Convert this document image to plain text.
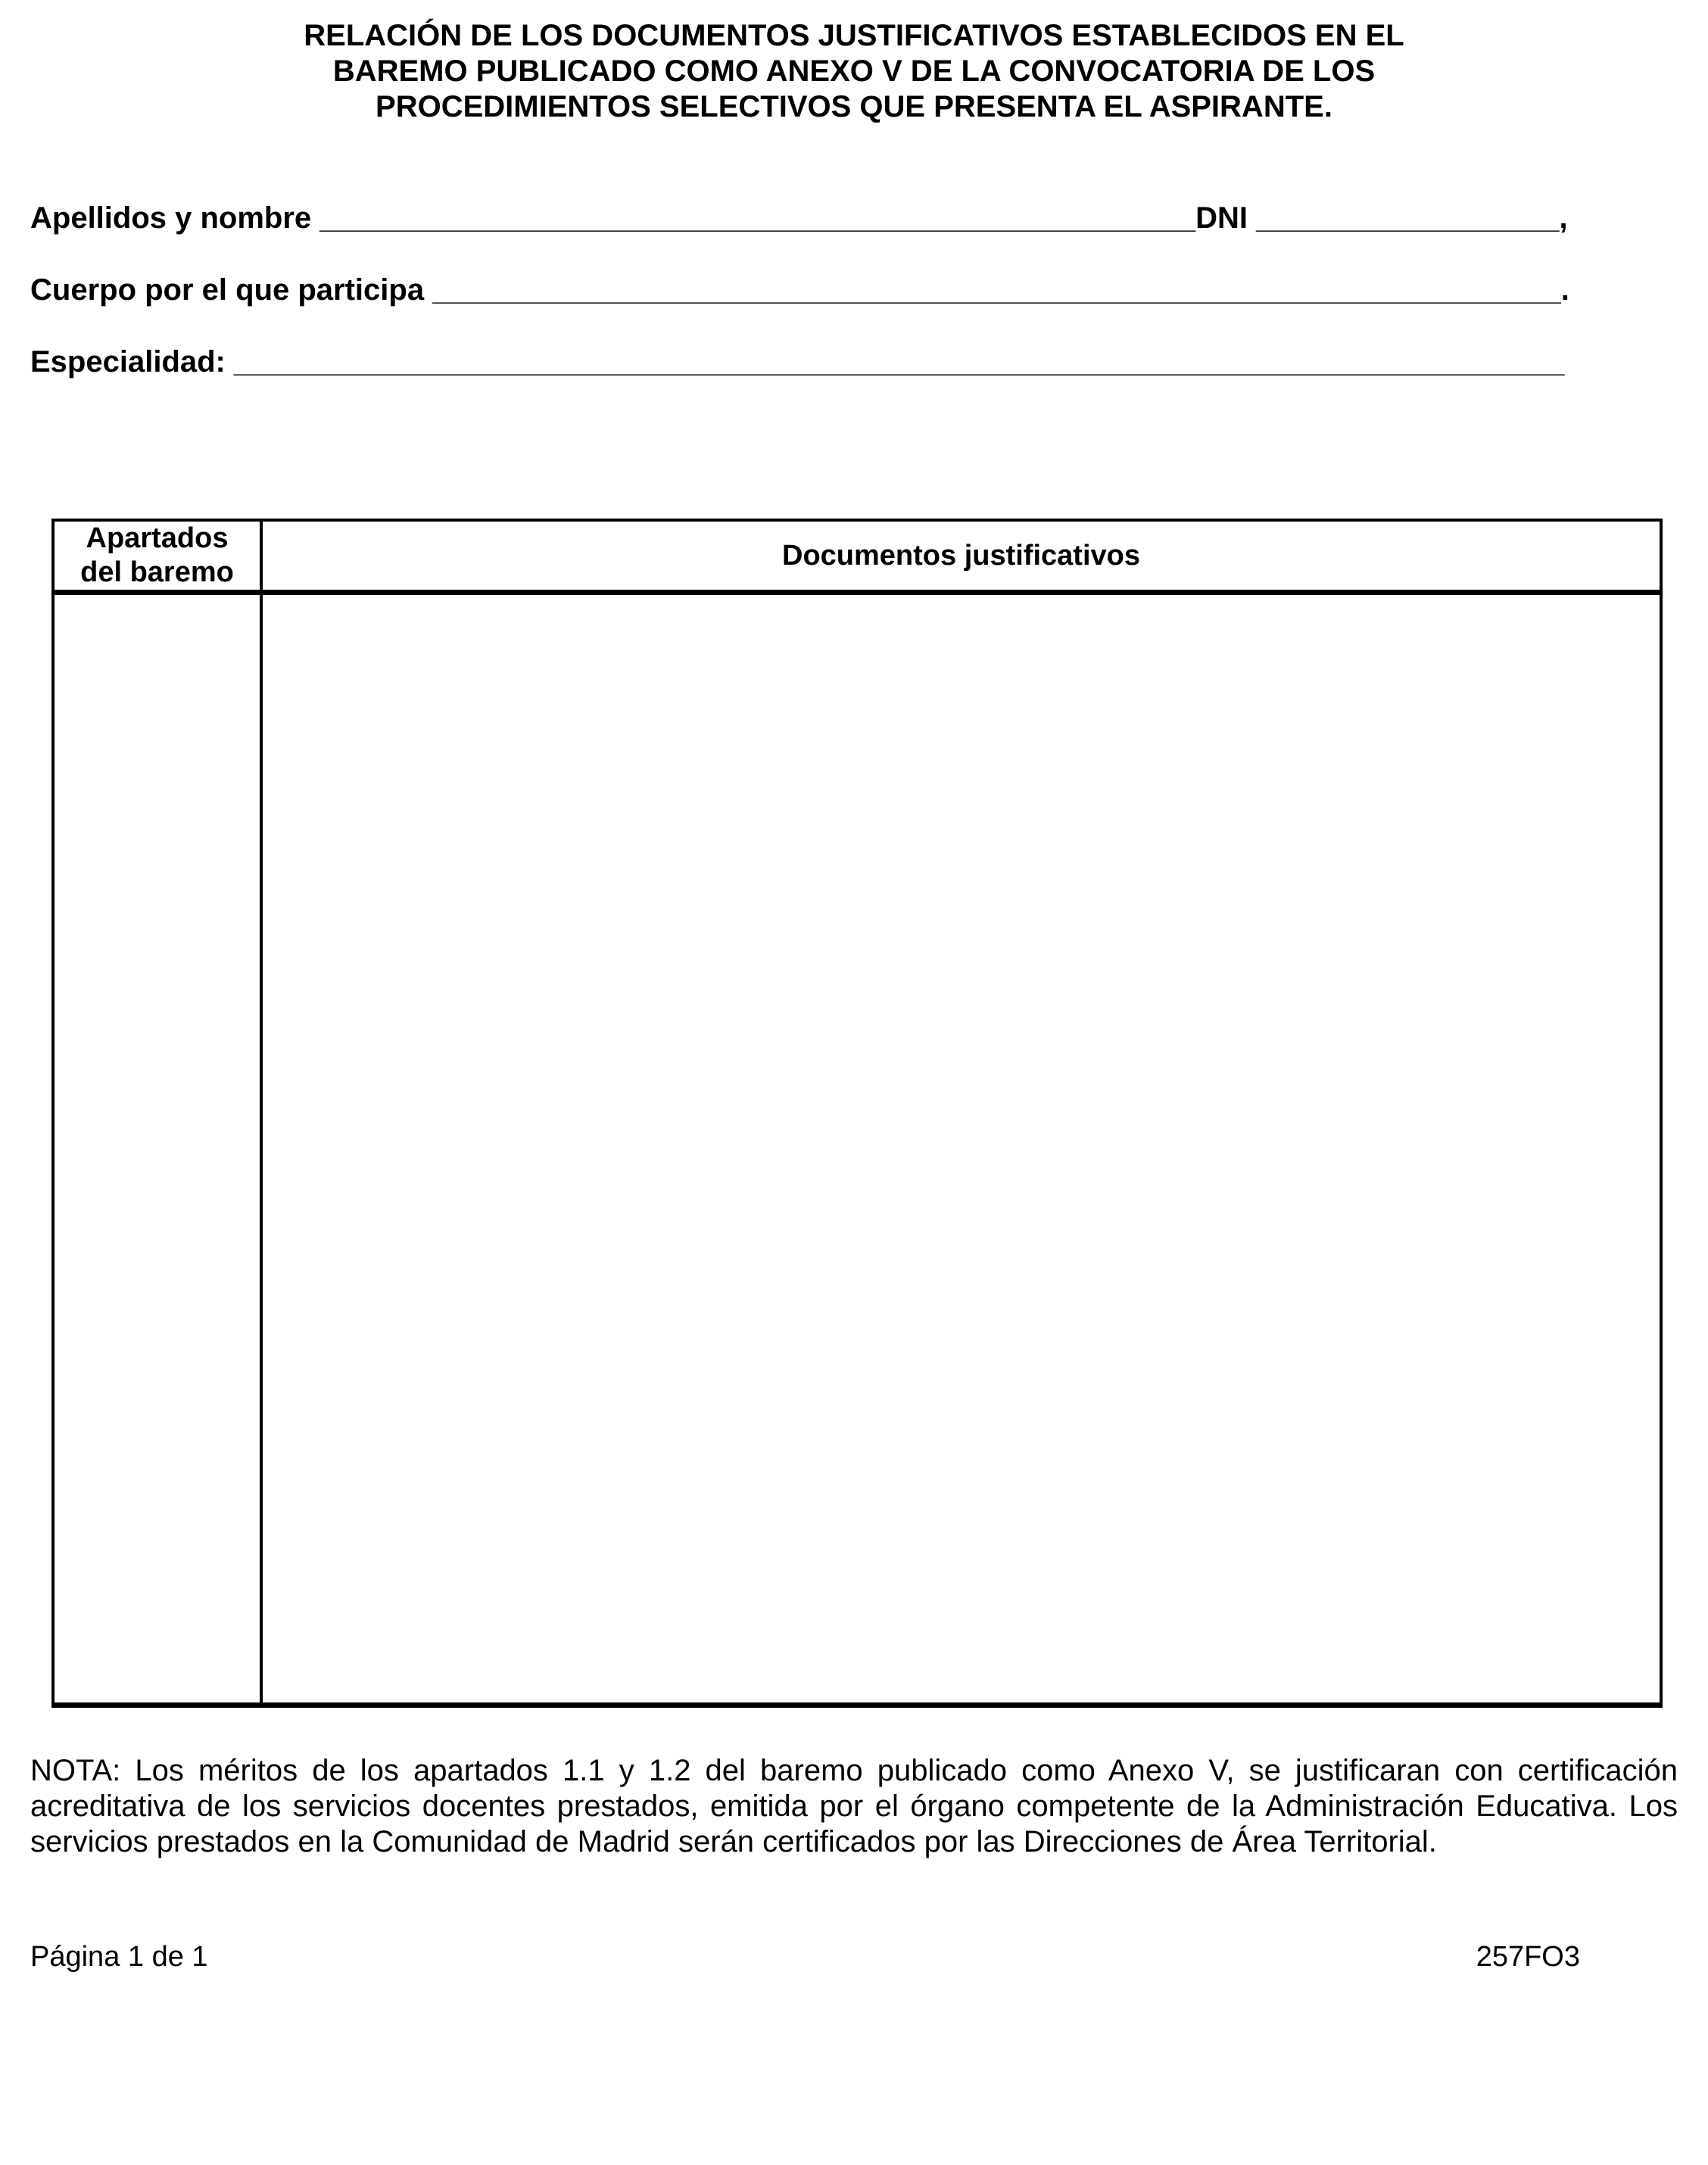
RELACIÓN DE LOS DOCUMENTOS JUSTIFICATIVOS ESTABLECIDOS EN EL
BAREMO PUBLICADO COMO ANEXO V DE LA CONVOCATORIA DE LOS
PROCEDIMIENTOS SELECTIVOS QUE PRESENTA EL ASPIRANTE.
Apellidos y nombre ____________________________________________________DNI __________________,
Cuerpo por el que participa ___________________________________________________________________.
Especialidad: _______________________________________________________________________________
Apartados
del baremo	Documentos justificativos

NOTA: Los méritos de los apartados 1.1 y 1.2 del baremo publicado como Anexo V, se justificaran con certificación acreditativa de los servicios docentes prestados, emitida por el órgano competente de la Administración Educativa. Los servicios prestados en la Comunidad de Madrid serán certificados por las Direcciones de Área Territorial.
Página 1 de 1	257FO3
